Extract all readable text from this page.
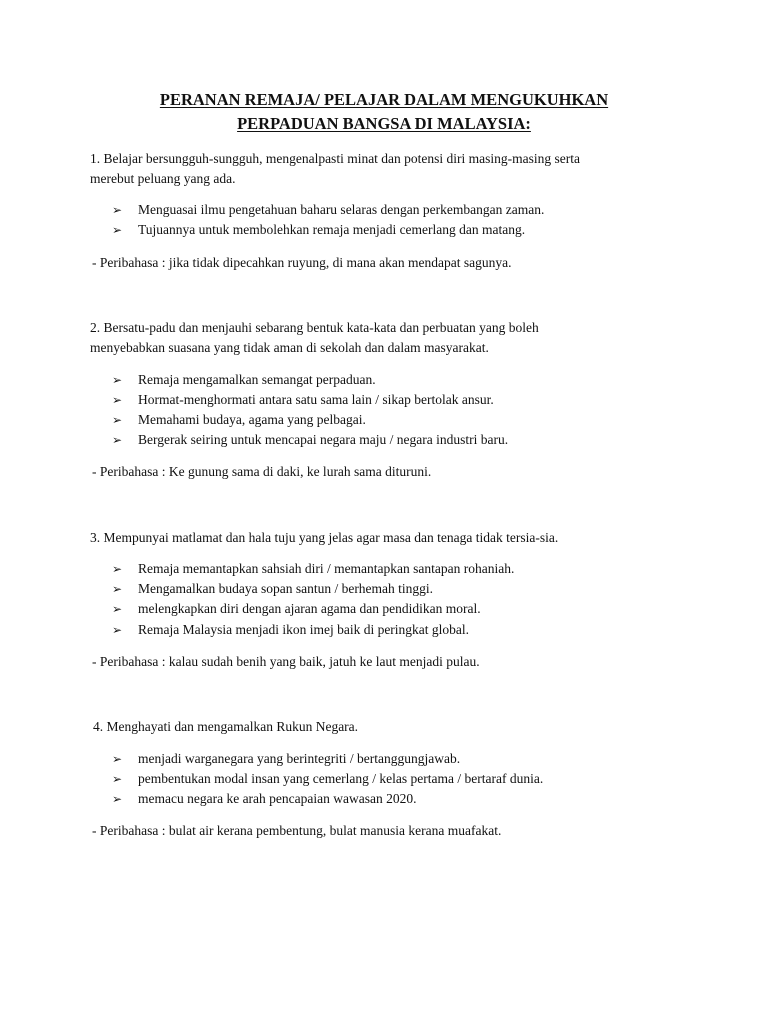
PERANAN REMAJA/ PELAJAR DALAM MENGUKUHKAN
PERPADUAN BANGSA DI MALAYSIA:

1. Belajar bersungguh-sungguh, mengenalpasti minat dan potensi diri masing-masing serta

merebut peluang yang ada.

➢ Menguasai ilmu pengetahuan baharu selaras dengan perkembangan zaman.
➢ Tujuannya untuk membolehkan remaja menjadi cemerlang dan matang.

- Peribahasa : jika tidak dipecahkan ruyung, di mana akan mendapat sagunya.

2. Bersatu-padu dan menjauhi sebarang bentuk kata-kata dan perbuatan yang boleh

menyebabkan suasana yang tidak aman di sekolah dan dalam masyarakat.

➢ Remaja mengamalkan semangat perpaduan.
➢ Hormat-menghormati antara satu sama lain / sikap bertolak ansur.
➢ Memahami budaya, agama yang pelbagai.
➢ Bergerak seiring untuk mencapai negara maju / negara industri baru.

- Peribahasa : Ke gunung sama di daki, ke lurah sama dituruni.

3. Mempunyai matlamat dan hala tuju yang jelas agar masa dan tenaga tidak tersia-sia.

➢ Remaja memantapkan sahsiah diri / memantapkan santapan rohaniah.
➢ Mengamalkan budaya sopan santun / berhemah tinggi.
➢ melengkapkan diri dengan ajaran agama dan pendidikan moral.
➢ Remaja Malaysia menjadi ikon imej baik di peringkat global.

- Peribahasa : kalau sudah benih yang baik, jatuh ke laut menjadi pulau.

4. Menghayati dan mengamalkan Rukun Negara.

➢ menjadi warganegara yang berintegriti / bertanggungjawab.
➢ pembentukan modal insan yang cemerlang / kelas pertama / bertaraf dunia.
➢ memacu negara ke arah pencapaian wawasan 2020.

- Peribahasa : bulat air kerana pembentung, bulat manusia kerana muafakat.
